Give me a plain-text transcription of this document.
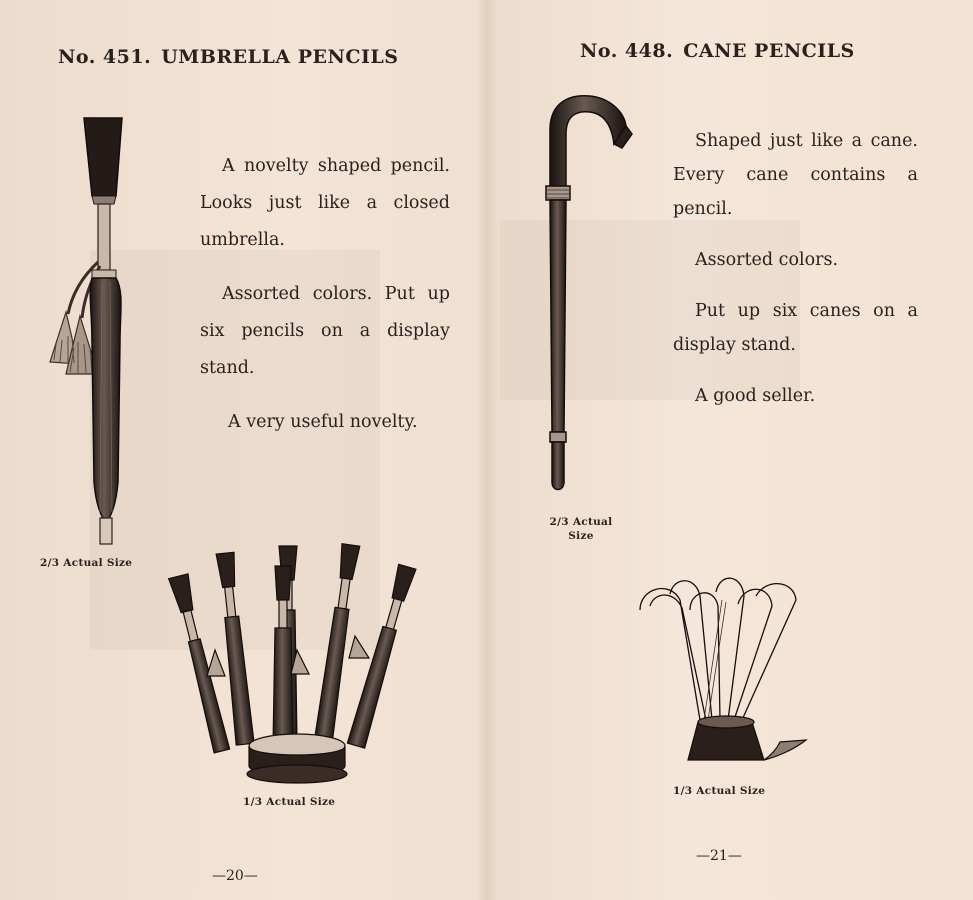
No. 451. UMBRELLA PENCILS

A novelty shaped pencil. Looks just like a closed umbrella.

Assorted colors. Put up six pencils on a display stand.

A very useful novelty.

2/3 Actual Size
1/3 Actual Size
—20—
No. 448. CANE PENCILS

Shaped just like a cane. Every cane contains a pencil.

Assorted colors.

Put up six canes on a display stand.

A good seller.

2/3 Actual
Size
1/3 Actual Size
—21—
